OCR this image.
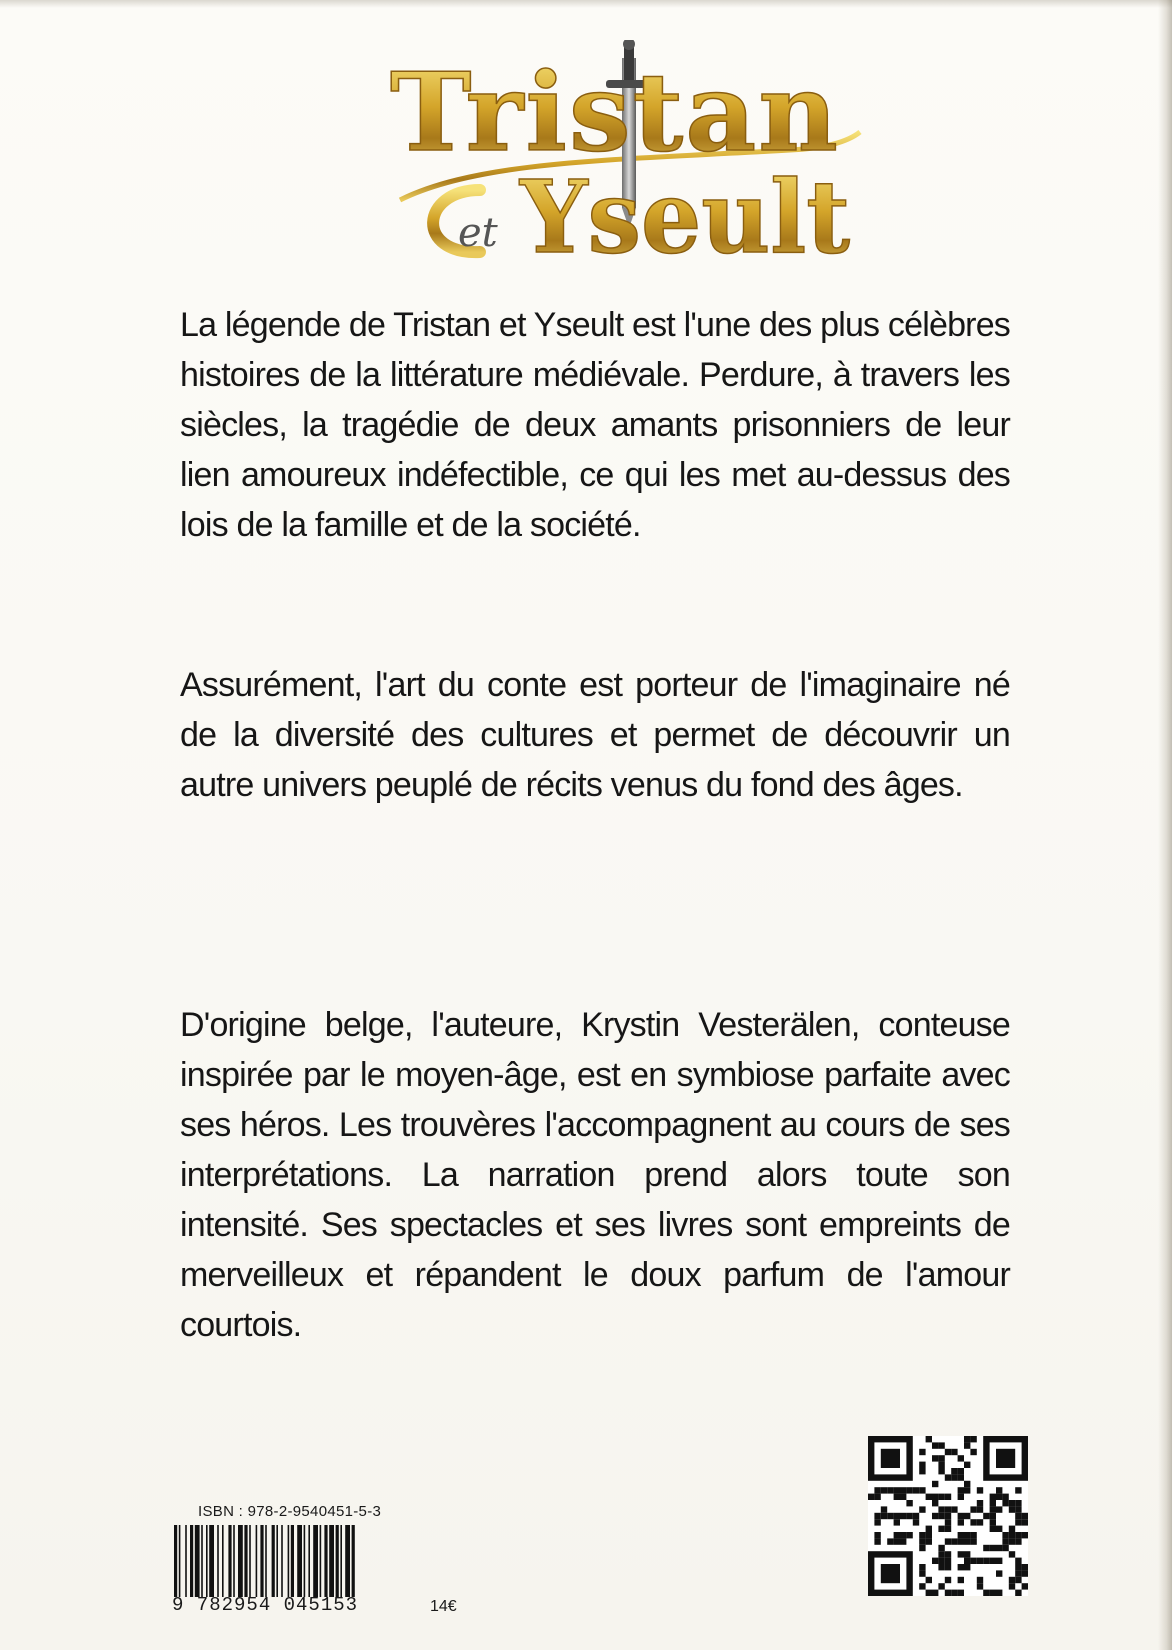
Tristan
et Yseult

La légende de Tristan et Yseult est l'une des plus célèbres histoires de la littérature médiévale. Perdure, à travers les siècles, la tragédie de deux amants prisonniers de leur lien amoureux indéfectible, ce qui les met au-dessus des lois de la famille et de la société.

Assurément, l'art du conte est porteur de l'imaginaire né de la diversité des cultures et permet de découvrir un autre univers peuplé de récits venus du fond des âges.

D'origine belge, l'auteure, Krystin Vesterälen, conteuse inspirée par le moyen-âge, est en symbiose parfaite avec ses héros. Les trouvères l'accompagnent au cours de ses interprétations. La narration prend alors toute son intensité. Ses spectacles et ses livres sont empreints de merveilleux et répandent le doux parfum de l'amour courtois.

ISBN : 978-2-9540451-5-3
9 782954 045153	14€
